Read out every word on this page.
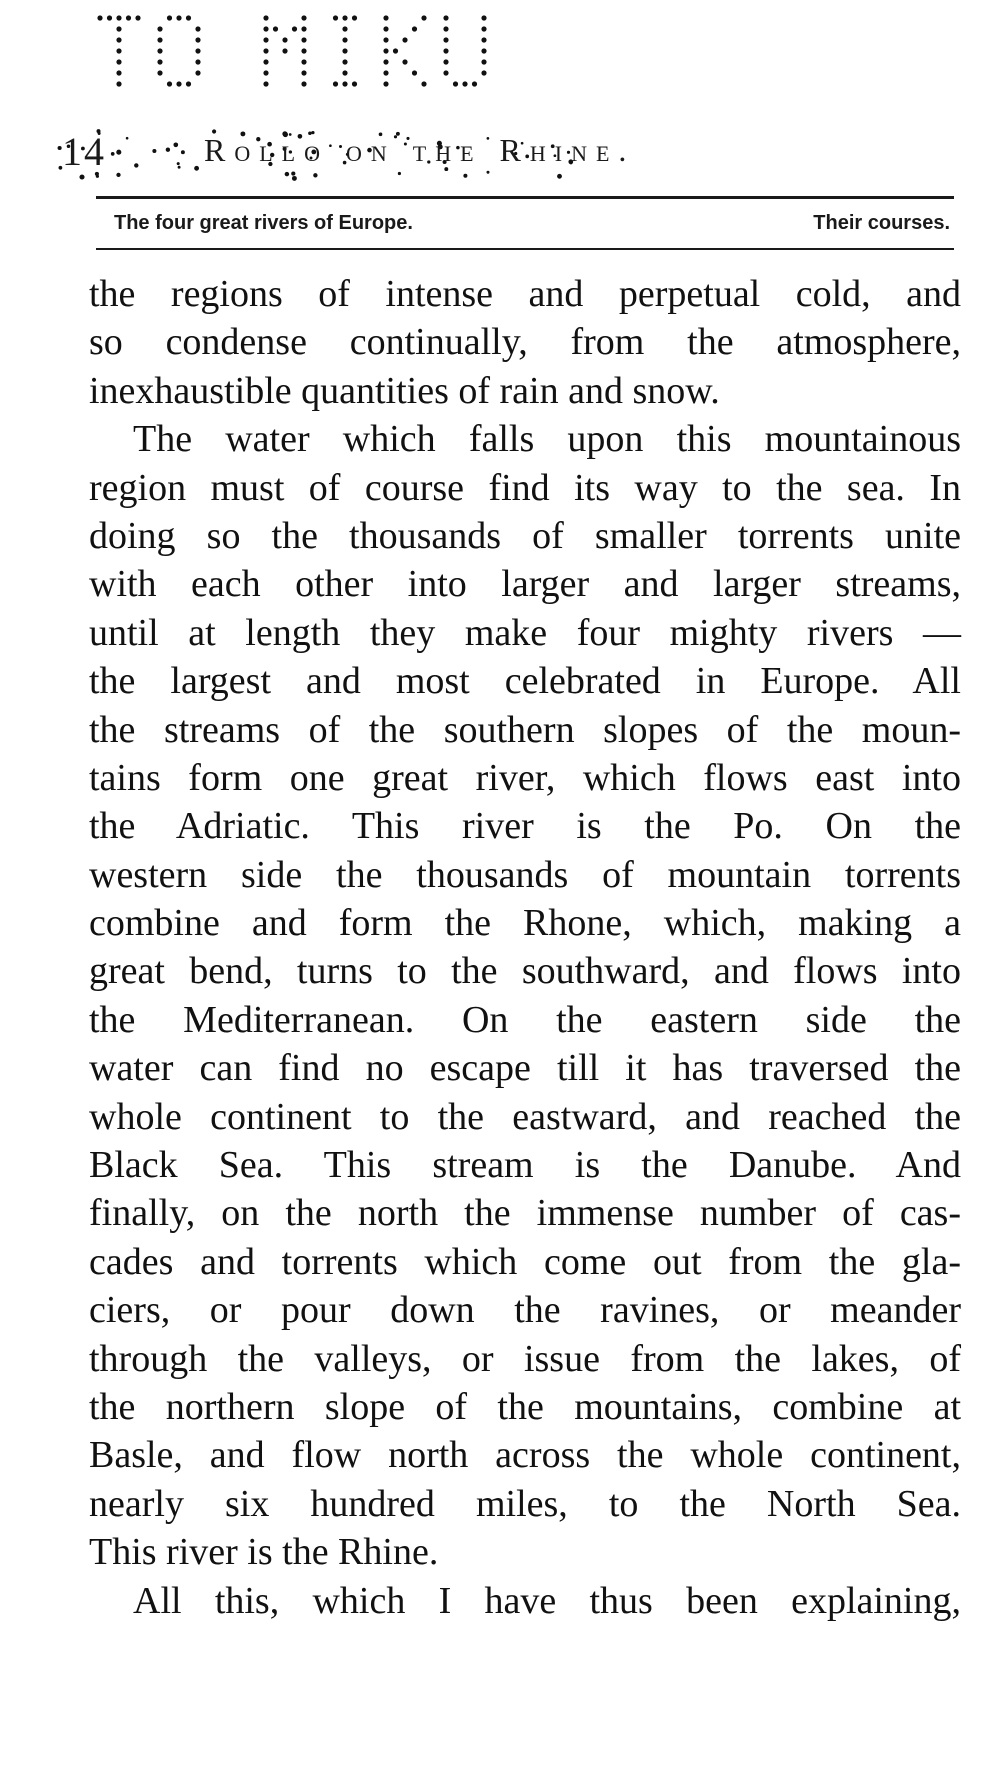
14	Rollo on the Rhine.
The four great rivers of Europe.	Their courses.
the regions of intense and perpetual cold, and
so condense continually, from the atmosphere,
inexhaustible quantities of rain and snow.
The water which falls upon this mountainous
region must of course find its way to the sea. In
doing so the thousands of smaller torrents unite
with each other into larger and larger streams,
until at length they make four mighty rivers —
the largest and most celebrated in Europe. All
the streams of the southern slopes of the moun-
tains form one great river, which flows east into
the Adriatic. This river is the Po. On the
western side the thousands of mountain torrents
combine and form the Rhone, which, making a
great bend, turns to the southward, and flows into
the Mediterranean. On the eastern side the
water can find no escape till it has traversed the
whole continent to the eastward, and reached the
Black Sea. This stream is the Danube. And
finally, on the north the immense number of cas-
cades and torrents which come out from the gla-
ciers, or pour down the ravines, or meander
through the valleys, or issue from the lakes, of
the northern slope of the mountains, combine at
Basle, and flow north across the whole continent,
nearly six hundred miles, to the North Sea.
This river is the Rhine.
All this, which I have thus been explaining,
